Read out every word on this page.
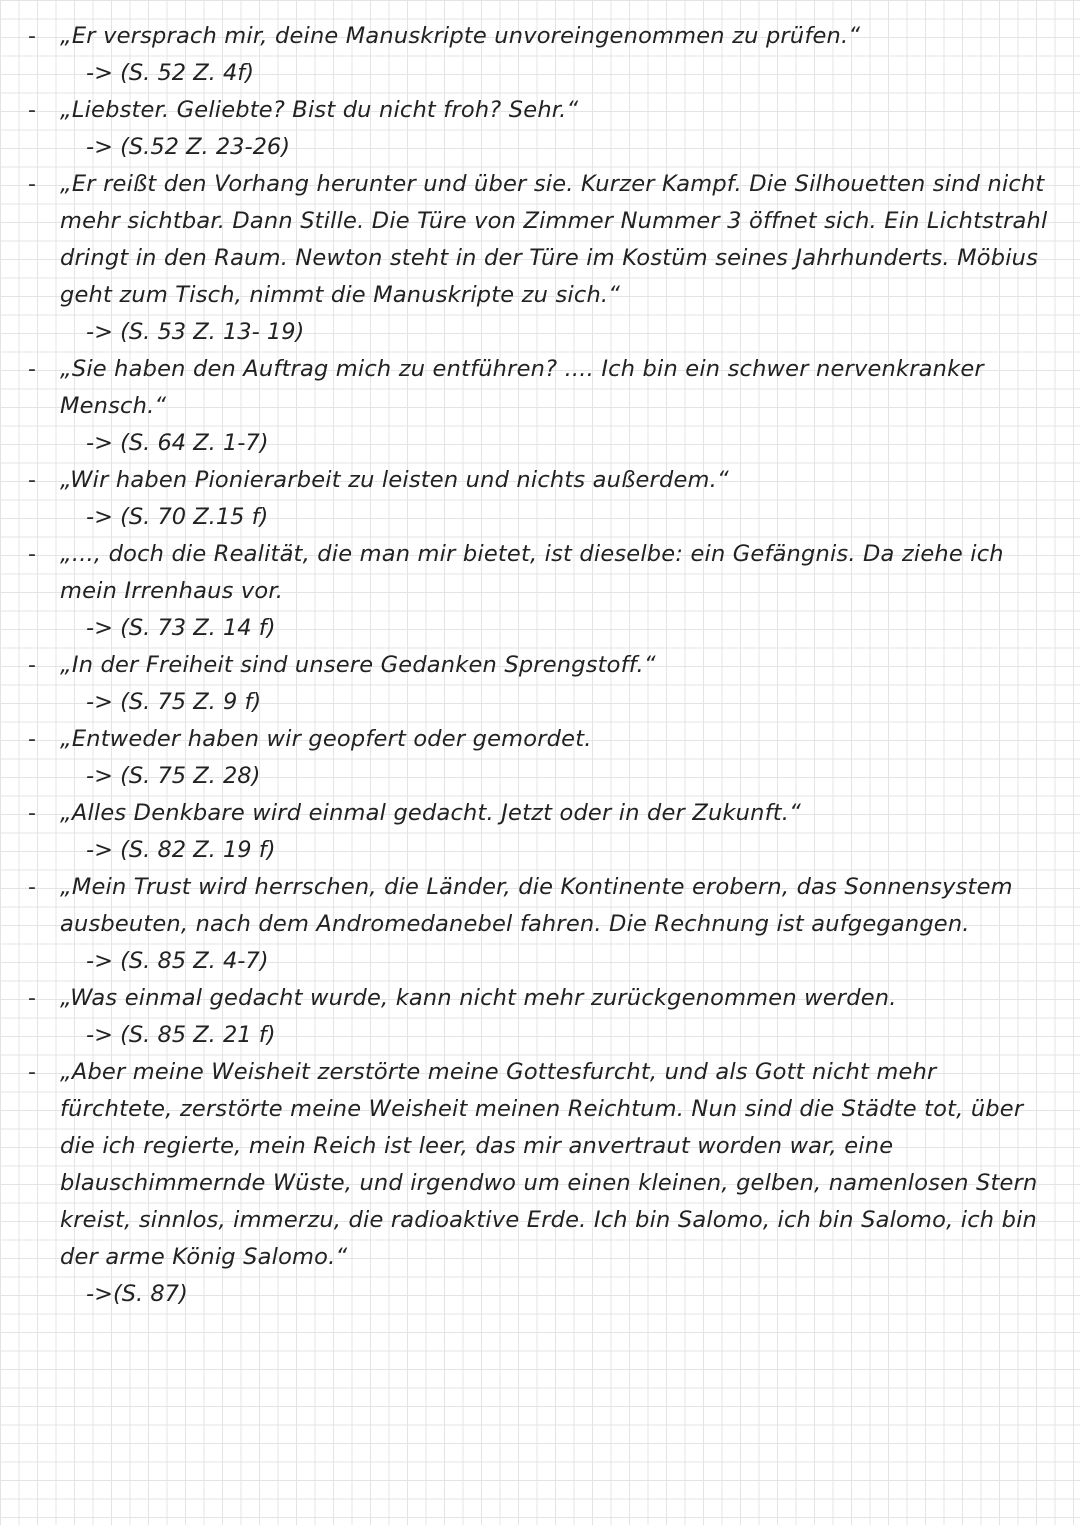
-	„Er versprach mir, deine Manuskripte unvoreingenommen zu prüfen.“

-> (S. 52 Z. 4f)

-	„Liebster. Geliebte? Bist du nicht froh? Sehr.“

-> (S.52 Z. 23-26)

-	„Er reißt den Vorhang herunter und über sie. Kurzer Kampf. Die Silhouetten sind nicht mehr sichtbar. Dann Stille. Die Türe von Zimmer Nummer 3 öffnet sich. Ein Lichtstrahl dringt in den Raum. Newton steht in der Türe im Kostüm seines Jahrhunderts. Möbius geht zum Tisch, nimmt die Manuskripte zu sich.“

-> (S. 53 Z. 13- 19)

-	„Sie haben den Auftrag mich zu entführen? .... Ich bin ein schwer nervenkranker Mensch.“

-> (S. 64 Z. 1-7)

-	„Wir haben Pionierarbeit zu leisten und nichts außerdem.“

-> (S. 70 Z.15 f)

-	„..., doch die Realität, die man mir bietet, ist dieselbe: ein Gefängnis. Da ziehe ich mein Irrenhaus vor.

-> (S. 73 Z. 14 f)

-	„In der Freiheit sind unsere Gedanken Sprengstoff.“

-> (S. 75 Z. 9 f)

-	„Entweder haben wir geopfert oder gemordet.

-> (S. 75 Z. 28)

-	„Alles Denkbare wird einmal gedacht. Jetzt oder in der Zukunft.“

-> (S. 82 Z. 19 f)

-	„Mein Trust wird herrschen, die Länder, die Kontinente erobern, das Sonnensystem ausbeuten, nach dem Andromedanebel fahren. Die Rechnung ist aufgegangen.

-> (S. 85 Z. 4-7)

-	„Was einmal gedacht wurde, kann nicht mehr zurückgenommen werden.

-> (S. 85 Z. 21 f)

-	„Aber meine Weisheit zerstörte meine Gottesfurcht, und als Gott nicht mehr fürchtete, zerstörte meine Weisheit meinen Reichtum. Nun sind die Städte tot, über die ich regierte, mein Reich ist leer, das mir anvertraut worden war, eine blauschimmernde Wüste, und irgendwo um einen kleinen, gelben, namenlosen Stern kreist, sinnlos, immerzu, die radioaktive Erde. Ich bin Salomo, ich bin Salomo, ich bin der arme König Salomo.“

->(S. 87)
